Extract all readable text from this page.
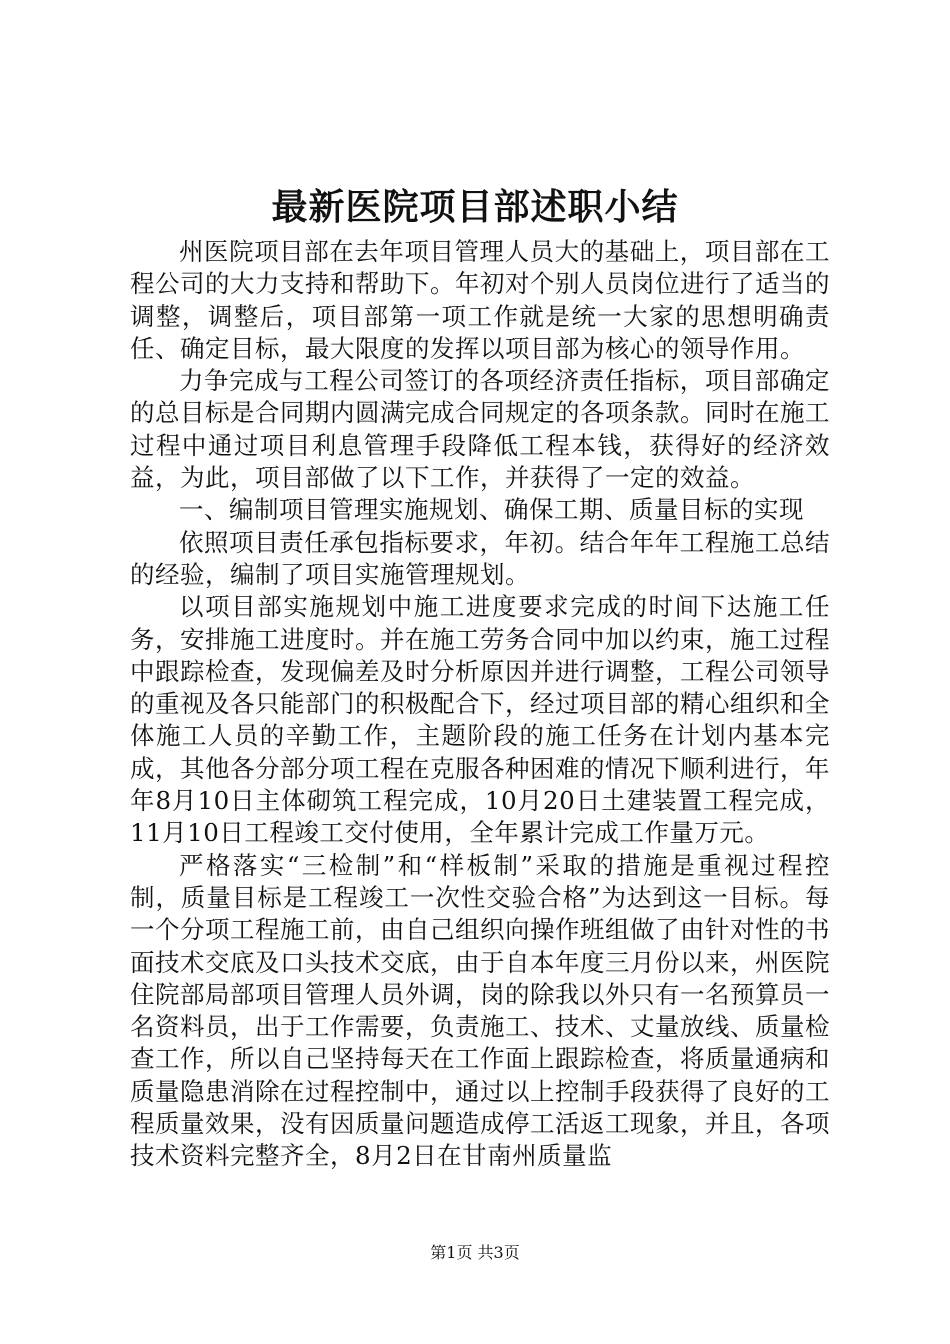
最新医院项目部述职小结

州医院项目部在去年项目管理人员大的基础上，项目部在工程公司的大力支持和帮助下。年初对个别人员岗位进行了适当的调整，调整后，项目部第一项工作就是统一大家的思想明确责任、确定目标，最大限度的发挥以项目部为核心的领导作用。

力争完成与工程公司签订的各项经济责任指标，项目部确定的总目标是合同期内圆满完成合同规定的各项条款。同时在施工过程中通过项目利息管理手段降低工程本钱，获得好的经济效益，为此，项目部做了以下工作，并获得了一定的效益。

一、编制项目管理实施规划、确保工期、质量目标的实现

依照项目责任承包指标要求，年初。结合年年工程施工总结的经验，编制了项目实施管理规划。

以项目部实施规划中施工进度要求完成的时间下达施工任务，安排施工进度时。并在施工劳务合同中加以约束，施工过程中跟踪检查，发现偏差及时分析原因并进行调整，工程公司领导的重视及各只能部门的积极配合下，经过项目部的精心组织和全体施工人员的辛勤工作，主题阶段的施工任务在计划内基本完成，其他各分部分项工程在克服各种困难的情况下顺利进行，年年8月10日主体砌筑工程完成，10月20日土建装置工程完成，11月10日工程竣工交付使用，全年累计完成工作量万元。

严格落实“三检制”和“样板制”采取的措施是重视过程控制，质量目标是工程竣工一次性交验合格”为达到这一目标。每一个分项工程施工前，由自己组织向操作班组做了由针对性的书面技术交底及口头技术交底，由于自本年度三月份以来，州医院住院部局部项目管理人员外调，岗的除我以外只有一名预算员一名资料员，出于工作需要，负责施工、技术、丈量放线、质量检查工作，所以自己坚持每天在工作面上跟踪检查，将质量通病和质量隐患消除在过程控制中，通过以上控制手段获得了良好的工程质量效果，没有因质量问题造成停工活返工现象，并且，各项技术资料完整齐全，8月2日在甘南州质量监

第1页 共3页
